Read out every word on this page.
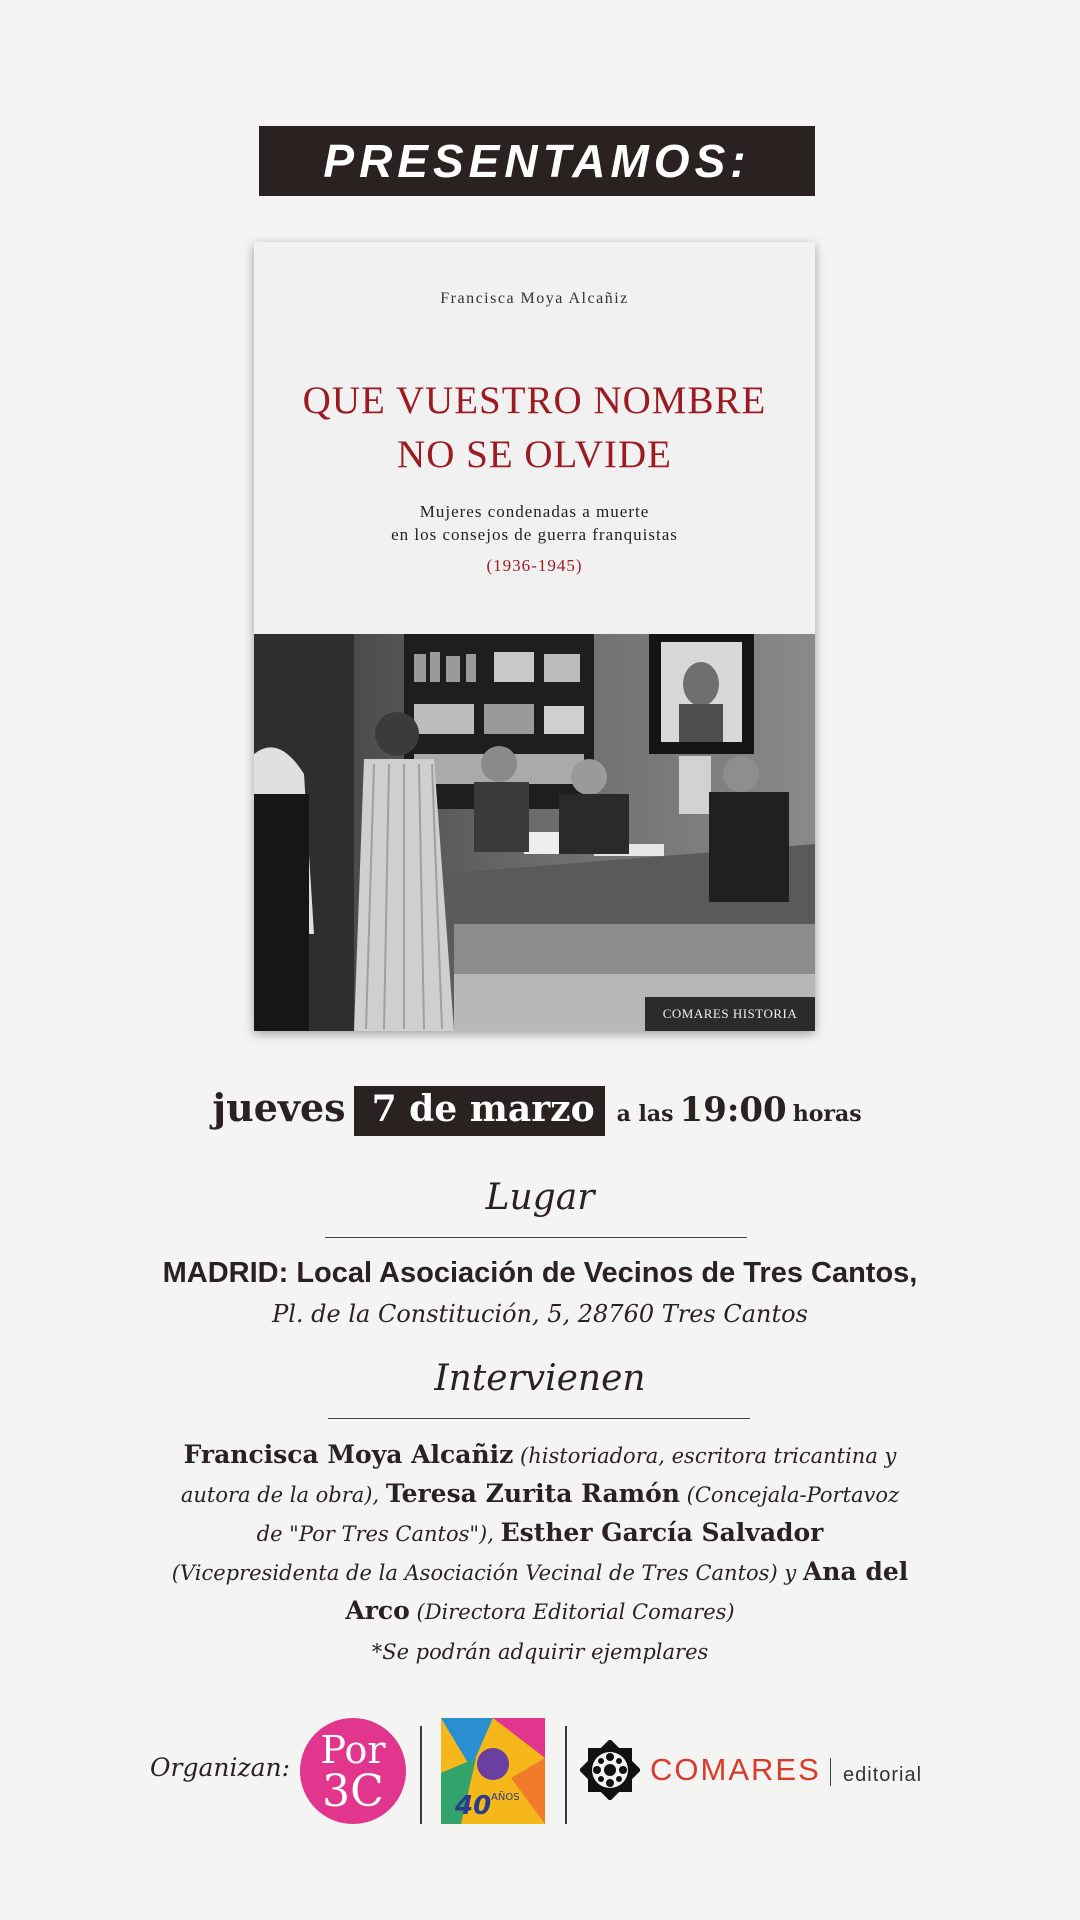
PRESENTAMOS:
Francisca Moya Alcañiz
QUE VUESTRO NOMBRE
NO SE OLVIDE
Mujeres condenadas a muerte
en los consejos de guerra franquistas
(1936-1945)
COMARES HISTORIA
jueves 7 de marzo	a las 19:00 horas
Lugar
MADRID: Local Asociación de Vecinos de Tres Cantos, Pl. de la Constitución, 5, 28760 Tres Cantos
Intervienen
Francisca Moya Alcañiz (historiadora, escritora tricantina y autora de la obra), Teresa Zurita Ramón (Concejala-Portavoz de "Por Tres Cantos"), Esther García Salvador (Vicepresidenta de la Asociación Vecinal de Tres Cantos) y Ana del Arco (Directora Editorial Comares)
*Se podrán adquirir ejemplares
Organizan: Por
3C	40 AÑOS
COMARES editorial
